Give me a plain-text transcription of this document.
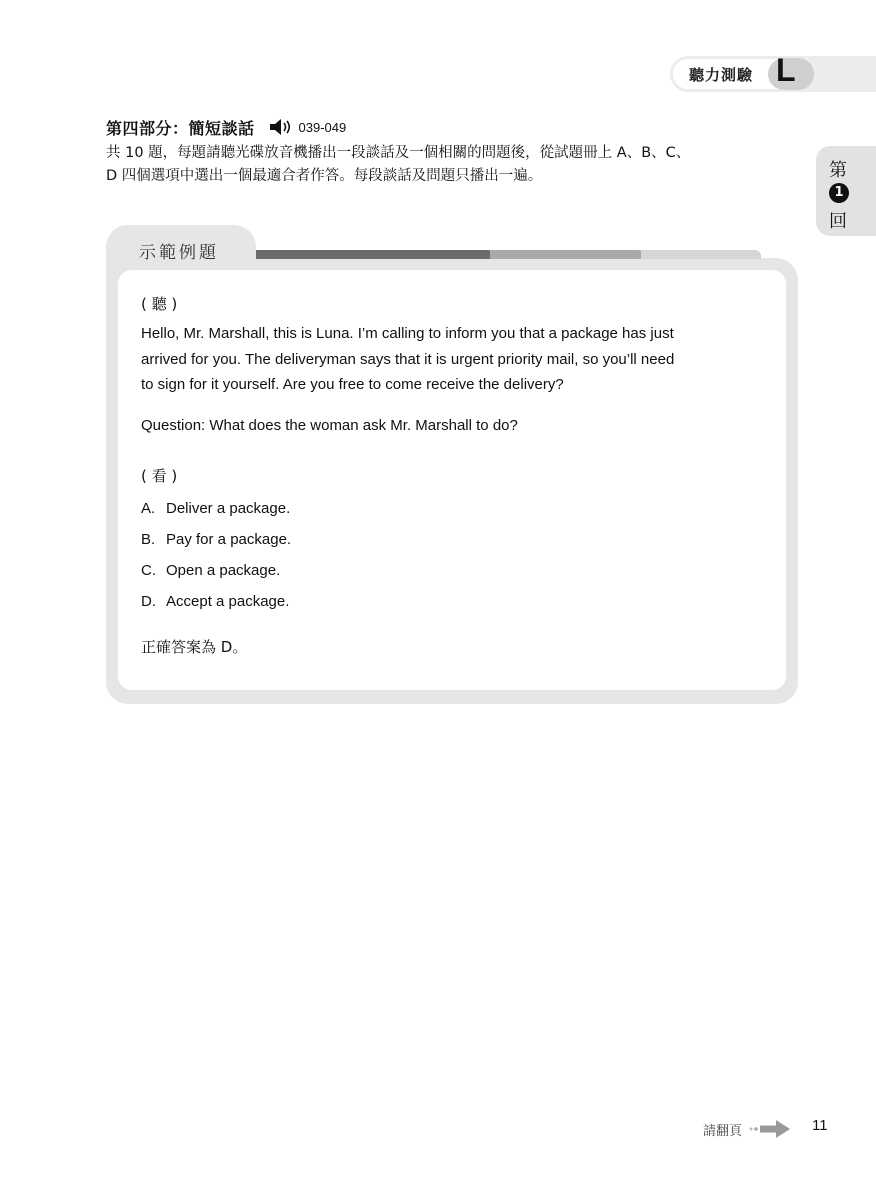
聽力測驗 L
第
1
回
第四部分：簡短談話	039-049

共 10 題，每題請聽光碟放音機播出一段談話及一個相關的問題後，從試題冊上 A、B、C、

D 四個選項中選出一個最適合者作答。每段談話及問題只播出一遍。

示範例題

( 聽 )

Hello, Mr. Marshall, this is Luna. I’m calling to inform you that a package has just
arrived for you. The deliveryman says that it is urgent priority mail, so you’ll need
to sign for it yourself. Are you free to come receive the delivery?

Question: What does the woman ask Mr. Marshall to do?

( 看 )

A. Deliver a package.
B. Pay for a package.
C. Open a package.
D. Accept a package.

正確答案為 D。

請翻頁	11
